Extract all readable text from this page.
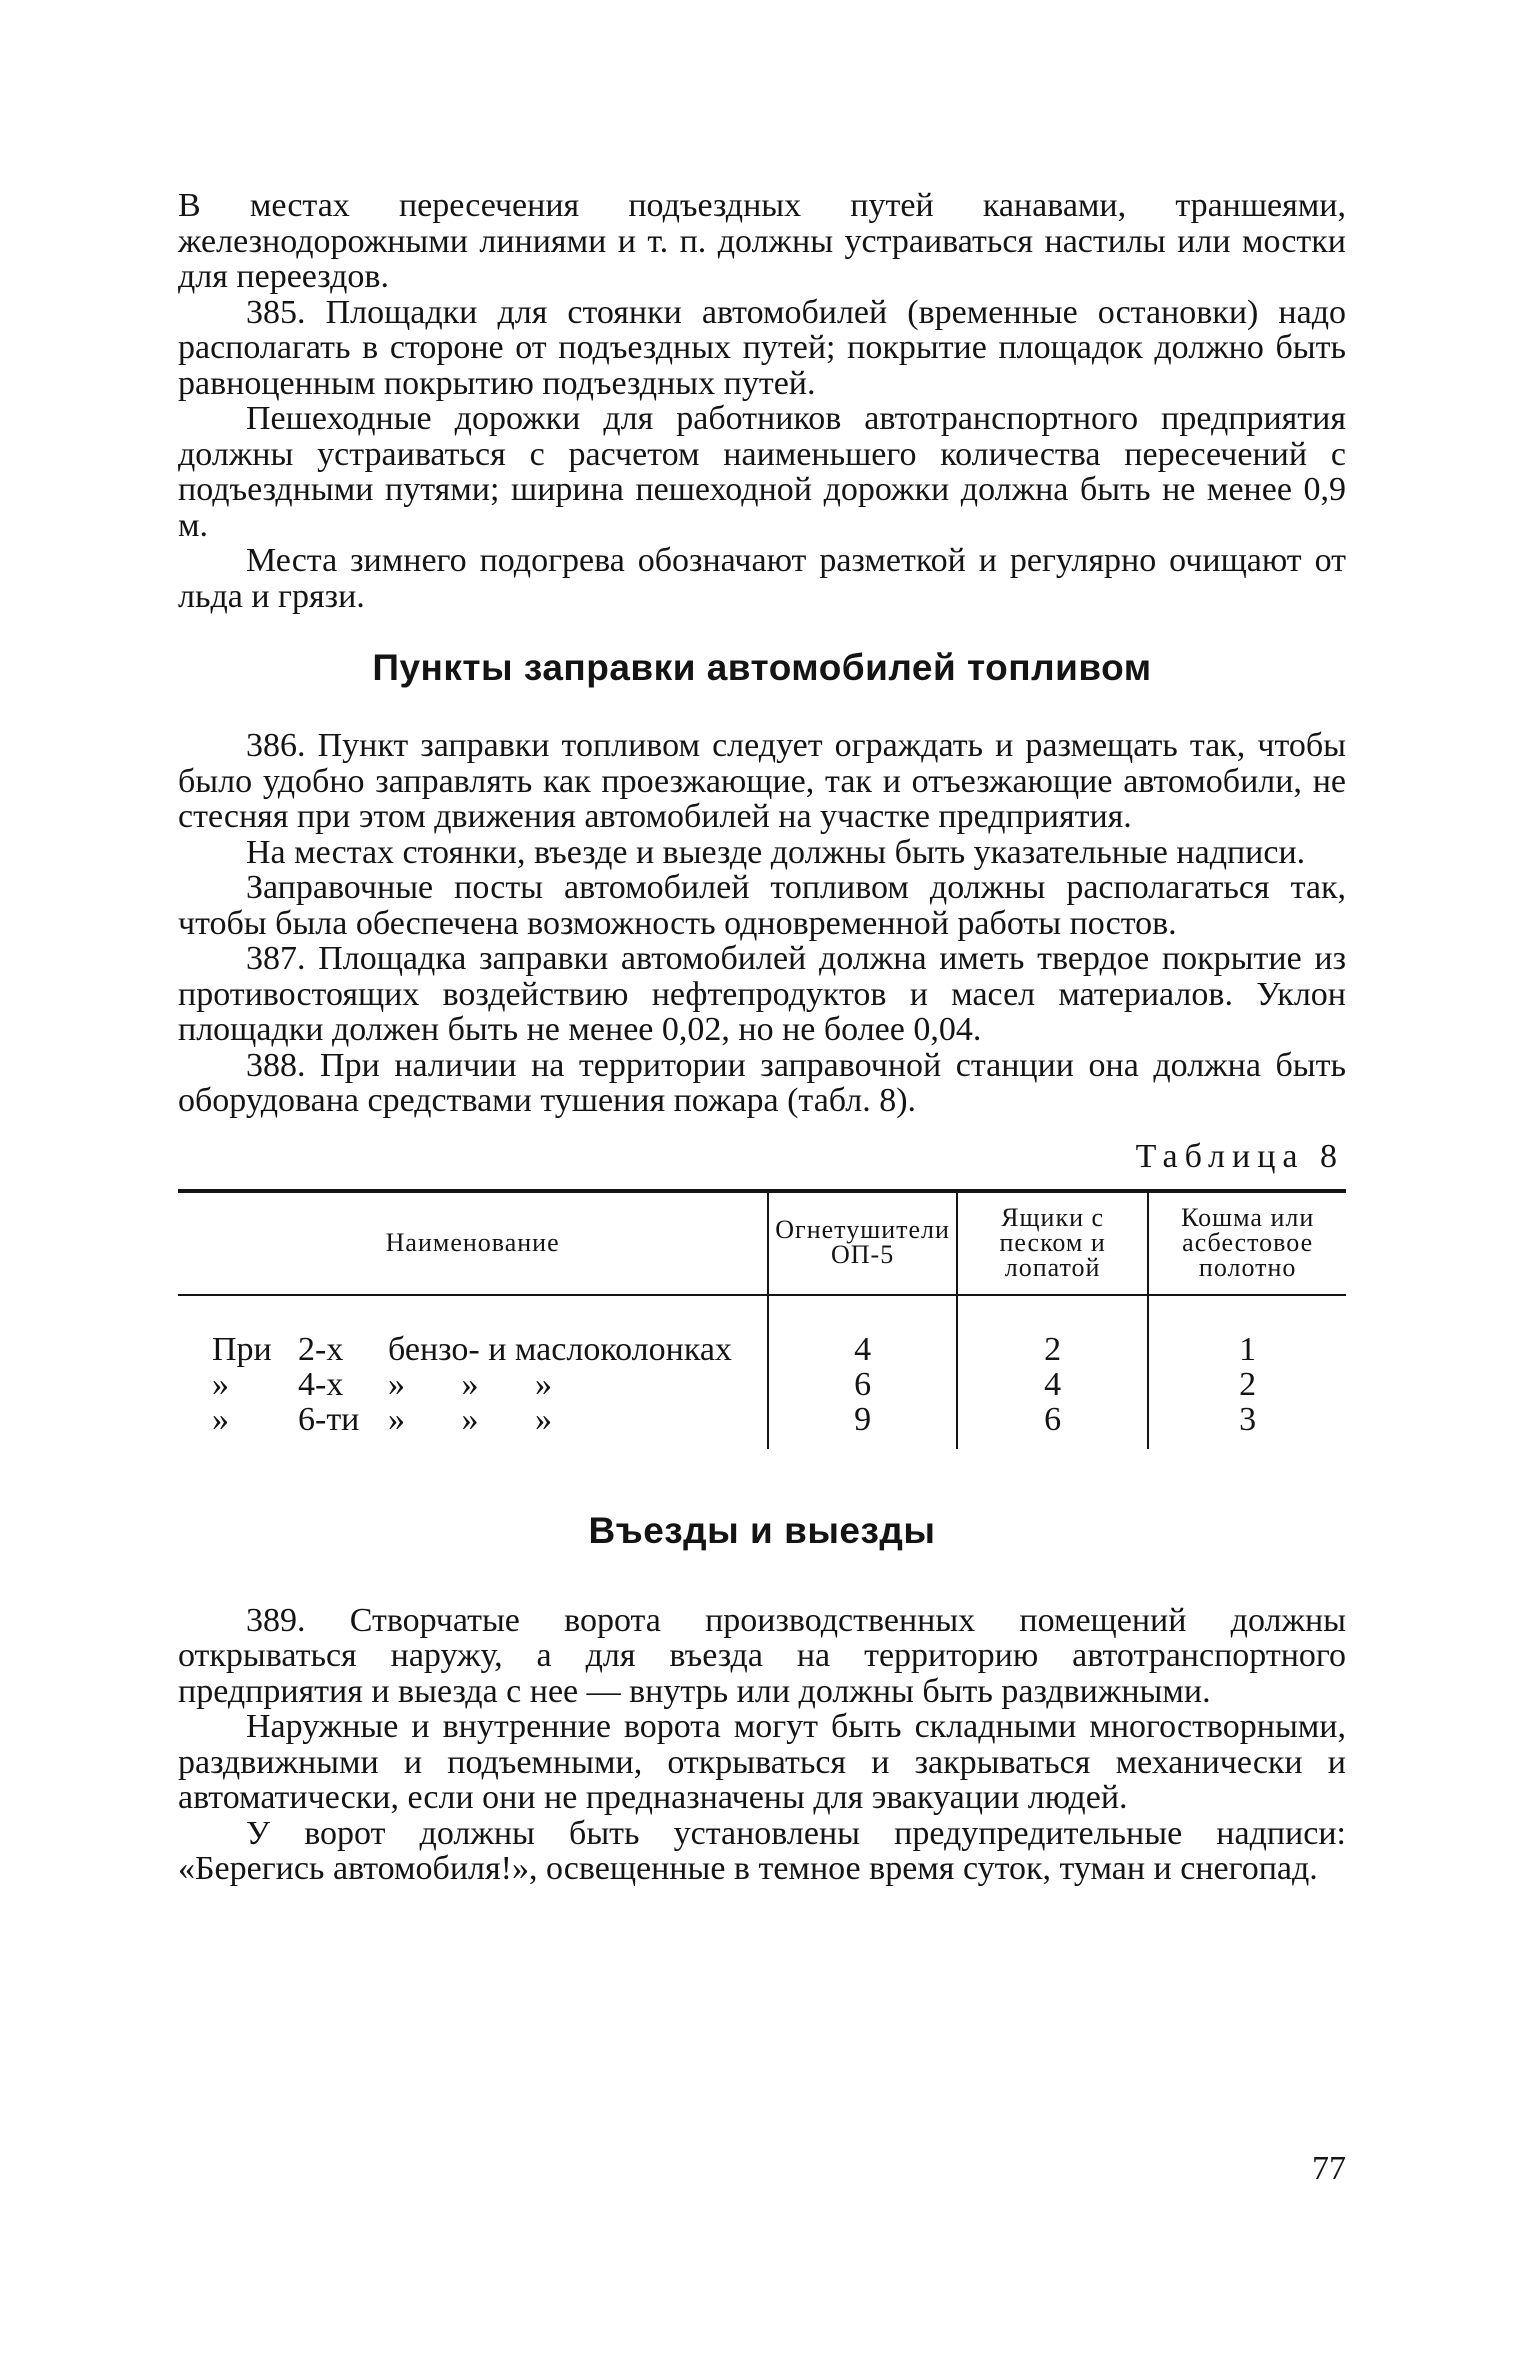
В местах пересечения подъездных путей канавами, траншеями, железнодорожными линиями и т. п. должны устраиваться настилы или мостки для переездов.

385. Площадки для стоянки автомобилей (временные остановки) надо располагать в стороне от подъездных путей; покрытие площадок должно быть равноценным покрытию подъездных путей.

Пешеходные дорожки для работников автотранспортного предприятия должны устраиваться с расчетом наименьшего количества пересечений с подъездными путями; ширина пешеходной дорожки должна быть не менее 0,9 м.

Места зимнего подогрева обозначают разметкой и регулярно очищают от льда и грязи.

Пункты заправки автомобилей топливом

386. Пункт заправки топливом следует ограждать и размещать так, чтобы было удобно заправлять как проезжающие, так и отъезжающие автомобили, не стесняя при этом движения автомобилей на участке предприятия.

На местах стоянки, въезде и выезде должны быть указательные надписи.

Заправочные посты автомобилей топливом должны располагаться так, чтобы была обеспечена возможность одновременной работы постов.

387. Площадка заправки автомобилей должна иметь твердое покрытие из противостоящих воздействию нефтепродуктов и масел материалов. Уклон площадки должен быть не менее 0,02, но не более 0,04.

388. При наличии на территории заправочной станции она должна быть оборудована средствами тушения пожара (табл. 8).

Таблица 8
Наименование	Огнетушители ОП-5	Ящики с песком и лопатой	Кошма или асбестовое полотно
При 2-х бензо- и маслоколонках	4	2	1
» 4-х » » »	6	4	2
» 6-ти » » »	9	6	3
Въезды и выезды

389. Створчатые ворота производственных помещений должны открываться наружу, а для въезда на территорию автотранспортного предприятия и выезда с нее — внутрь или должны быть раздвижными.

Наружные и внутренние ворота могут быть складными многостворными, раздвижными и подъемными, открываться и закрываться механически и автоматически, если они не предназначены для эвакуации людей.

У ворот должны быть установлены предупредительные надписи: «Берегись автомобиля!», освещенные в темное время суток, туман и снегопад.

77
